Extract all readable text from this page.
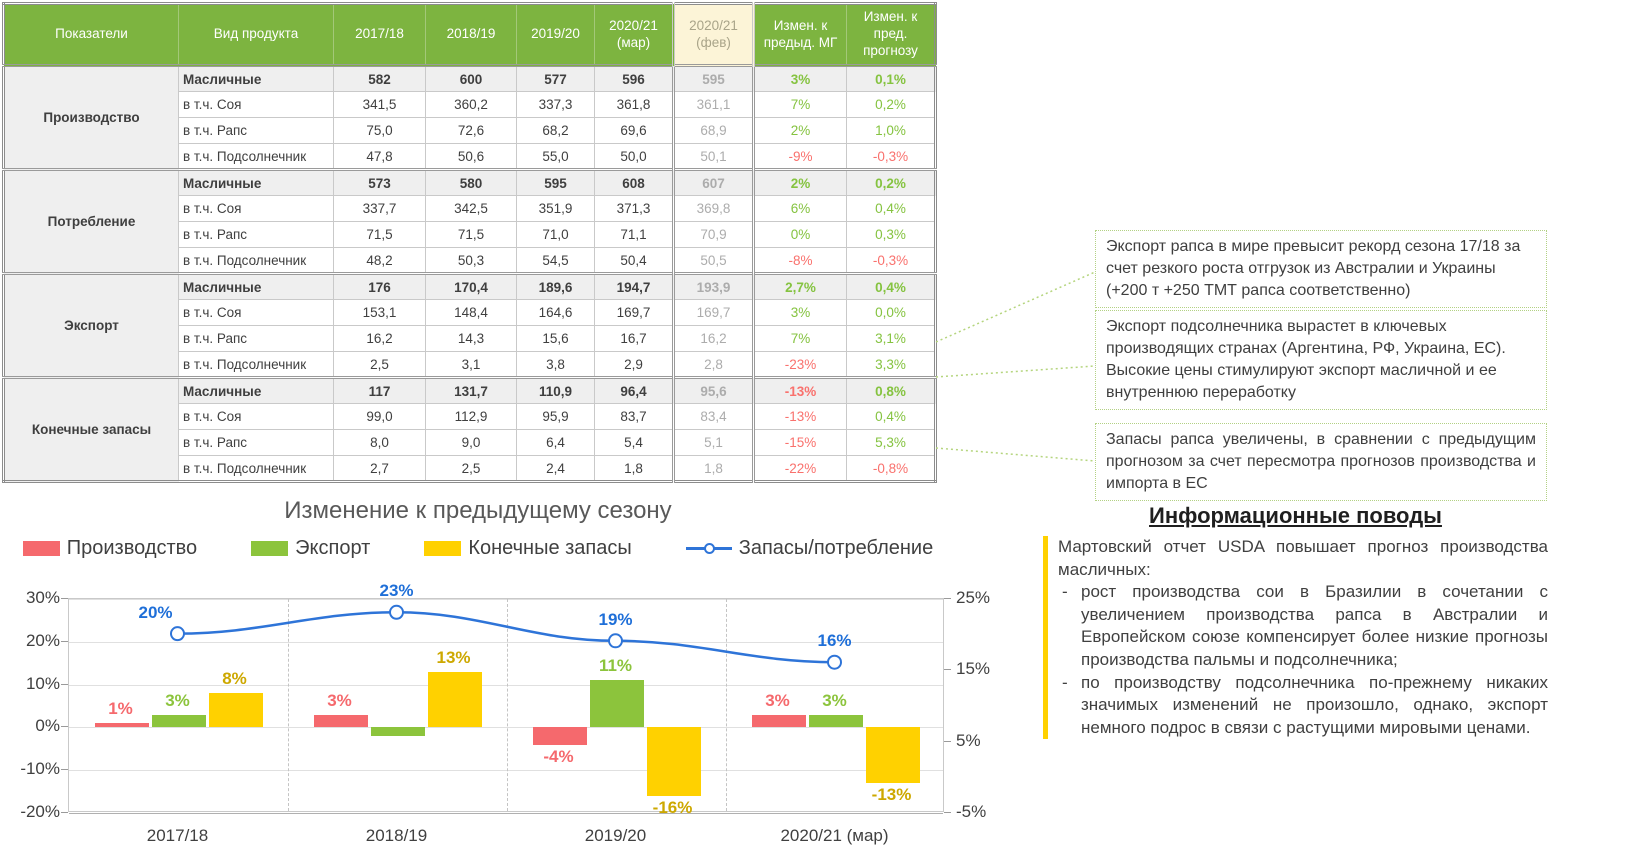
Показатели	Вид продукта	2017/18	2018/19	2019/20	2020/21 (мар)	2020/21 (фев)	Измен. к предыд. МГ	Измен. к пред. прогнозу
Производство	Масличные	582	600	577	596	595	3%	0,1%
	в т.ч. Соя	341,5	360,2	337,3	361,8	361,1	7%	0,2%
	в т.ч. Рапс	75,0	72,6	68,2	69,6	68,9	2%	1,0%
	в т.ч. Подсолнечник	47,8	50,6	55,0	50,0	50,1	-9%	-0,3%
Потребление	Масличные	573	580	595	608	607	2%	0,2%
	в т.ч. Соя	337,7	342,5	351,9	371,3	369,8	6%	0,4%
	в т.ч. Рапс	71,5	71,5	71,0	71,1	70,9	0%	0,3%
	в т.ч. Подсолнечник	48,2	50,3	54,5	50,4	50,5	-8%	-0,3%
Экспорт	Масличные	176	170,4	189,6	194,7	193,9	2,7%	0,4%
	в т.ч. Соя	153,1	148,4	164,6	169,7	169,7	3%	0,0%
	в т.ч. Рапс	16,2	14,3	15,6	16,7	16,2	7%	3,1%
	в т.ч. Подсолнечник	2,5	3,1	3,8	2,9	2,8	-23%	3,3%
Конечные запасы	Масличные	117	131,7	110,9	96,4	95,6	-13%	0,8%
	в т.ч. Соя	99,0	112,9	95,9	83,7	83,4	-13%	0,4%
	в т.ч. Рапс	8,0	9,0	6,4	5,4	5,1	-15%	5,3%
	в т.ч. Подсолнечник	2,7	2,5	2,4	1,8	1,8	-22%	-0,8%
Экспорт рапса в мире превысит рекорд сезона 17/18 за счет резкого роста отгрузок из Австралии и Украины (+200 т +250 ТМТ рапса соответственно)
Экспорт подсолнечника вырастет в ключевых производящих странах (Аргентина, РФ, Украина, ЕС). Высокие цены стимулируют экспорт масличной и ее внутреннюю переработку
Запасы рапса увеличены, в сравнении с предыдущим прогнозом за счет пересмотра прогнозов производства и импорта в ЕС
Изменение к предыдущему сезону
Производство	Экспорт	Конечные запасы	Запасы/потребление
30%
20%
10%
0%
-10%
-20%
25%
15%
5%
-5%
2017/18	2018/19	2019/20	2020/21 (мар)
1%	3%
-4%
3%
3%
11%
3%
8%
13%
-16%
-13%
20%
23%
19%
16%
Информационные поводы
Мартовский отчет USDA повышает прогноз производства масличных:
- рост производства сои в Бразилии в сочетании с увеличением производства рапса в Австралии и Европейском союзе компенсирует более низкие прогнозы производства пальмы и подсолнечника;
- по производству подсолнечника по-прежнему никаких значимых изменений не произошло, однако, экспорт немного подрос в связи с растущими мировыми ценами.
